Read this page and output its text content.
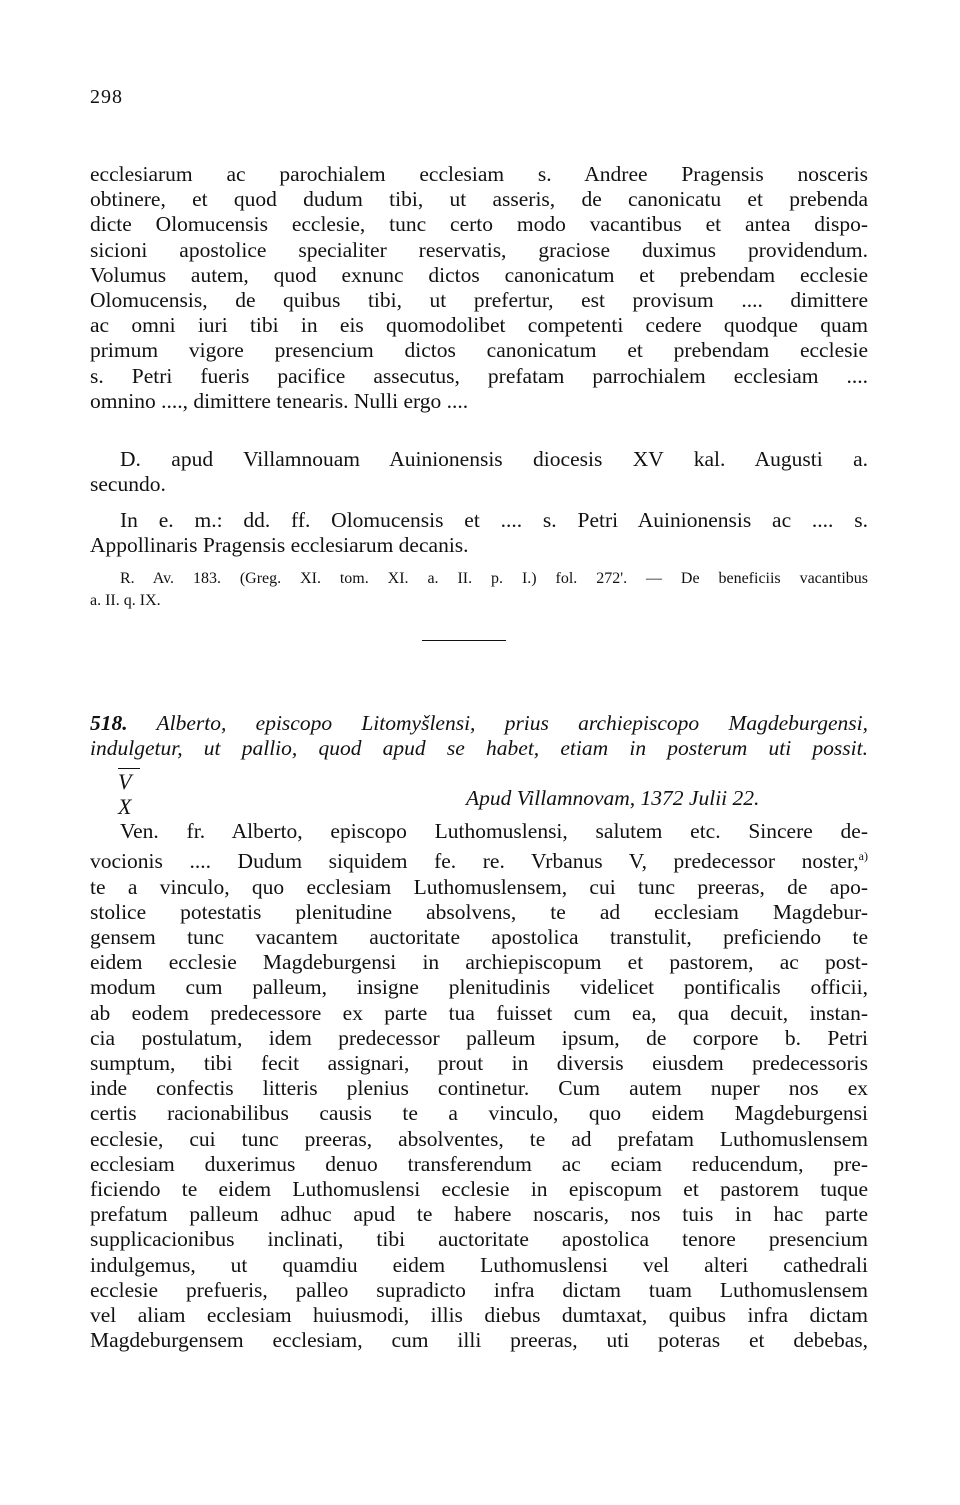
298
ecclesiarum ac parochialem ecclesiam s. Andree Pragensis nosceris
obtinere, et quod dudum tibi, ut asseris, de canonicatu et prebenda
dicte Olomucensis ecclesie, tunc certo modo vacantibus et antea dispo-
sicioni apostolice specialiter reservatis, graciose duximus providendum.
Volumus autem, quod exnunc dictos canonicatum et prebendam ecclesie
Olomucensis, de quibus tibi, ut prefertur, est provisum .... dimittere
ac omni iuri tibi in eis quomodolibet competenti cedere quodque quam
primum vigore presencium dictos canonicatum et prebendam ecclesie
s. Petri fueris pacifice assecutus, prefatam parrochialem ecclesiam ....
omnino ...., dimittere tenearis. Nulli ergo ....
D. apud Villamnouam Auinionensis diocesis XV kal. Augusti a.
secundo.
In e. m.: dd. ff. Olomucensis et .... s. Petri Auinionensis ac .... s.
Appollinaris Pragensis ecclesiarum decanis.
R. Av. 183. (Greg. XI. tom. XI. a. II. p. I.) fol. 272'. — De beneficiis vacantibus
a. II. q. IX.
518. Alberto, episcopo Litomyšlensi, prius archiepiscopo Magdeburgensi,
indulgetur, ut pallio, quod apud se habet, etiam in posterum uti possit.
V
X	Apud Villamnovam, 1372 Julii 22.
Ven. fr. Alberto, episcopo Luthomuslensi, salutem etc. Sincere de-
vocionis .... Dudum siquidem fe. re. Vrbanus V, predecessor noster,$^{a)}$
te a vinculo, quo ecclesiam Luthomuslensem, cui tunc preeras, de apo-
stolice potestatis plenitudine absolvens, te ad ecclesiam Magdebur-
gensem tunc vacantem auctoritate apostolica transtulit, preficiendo te
eidem ecclesie Magdeburgensi in archiepiscopum et pastorem, ac post-
modum cum palleum, insigne plenitudinis videlicet pontificalis officii,
ab eodem predecessore ex parte tua fuisset cum ea, qua decuit, instan-
cia postulatum, idem predecessor palleum ipsum, de corpore b. Petri
sumptum, tibi fecit assignari, prout in diversis eiusdem predecessoris
inde confectis litteris plenius continetur. Cum autem nuper nos ex
certis racionabilibus causis te a vinculo, quo eidem Magdeburgensi
ecclesie, cui tunc preeras, absolventes, te ad prefatam Luthomuslensem
ecclesiam duxerimus denuo transferendum ac eciam reducendum, pre-
ficiendo te eidem Luthomuslensi ecclesie in episcopum et pastorem tuque
prefatum palleum adhuc apud te habere noscaris, nos tuis in hac parte
supplicacionibus inclinati, tibi auctoritate apostolica tenore presencium
indulgemus, ut quamdiu eidem Luthomuslensi vel alteri cathedrali
ecclesie prefueris, palleo supradicto infra dictam tuam Luthomuslensem
vel aliam ecclesiam huiusmodi, illis diebus dumtaxat, quibus infra dictam
Magdeburgensem ecclesiam, cum illi preeras, uti poteras et debebas,
